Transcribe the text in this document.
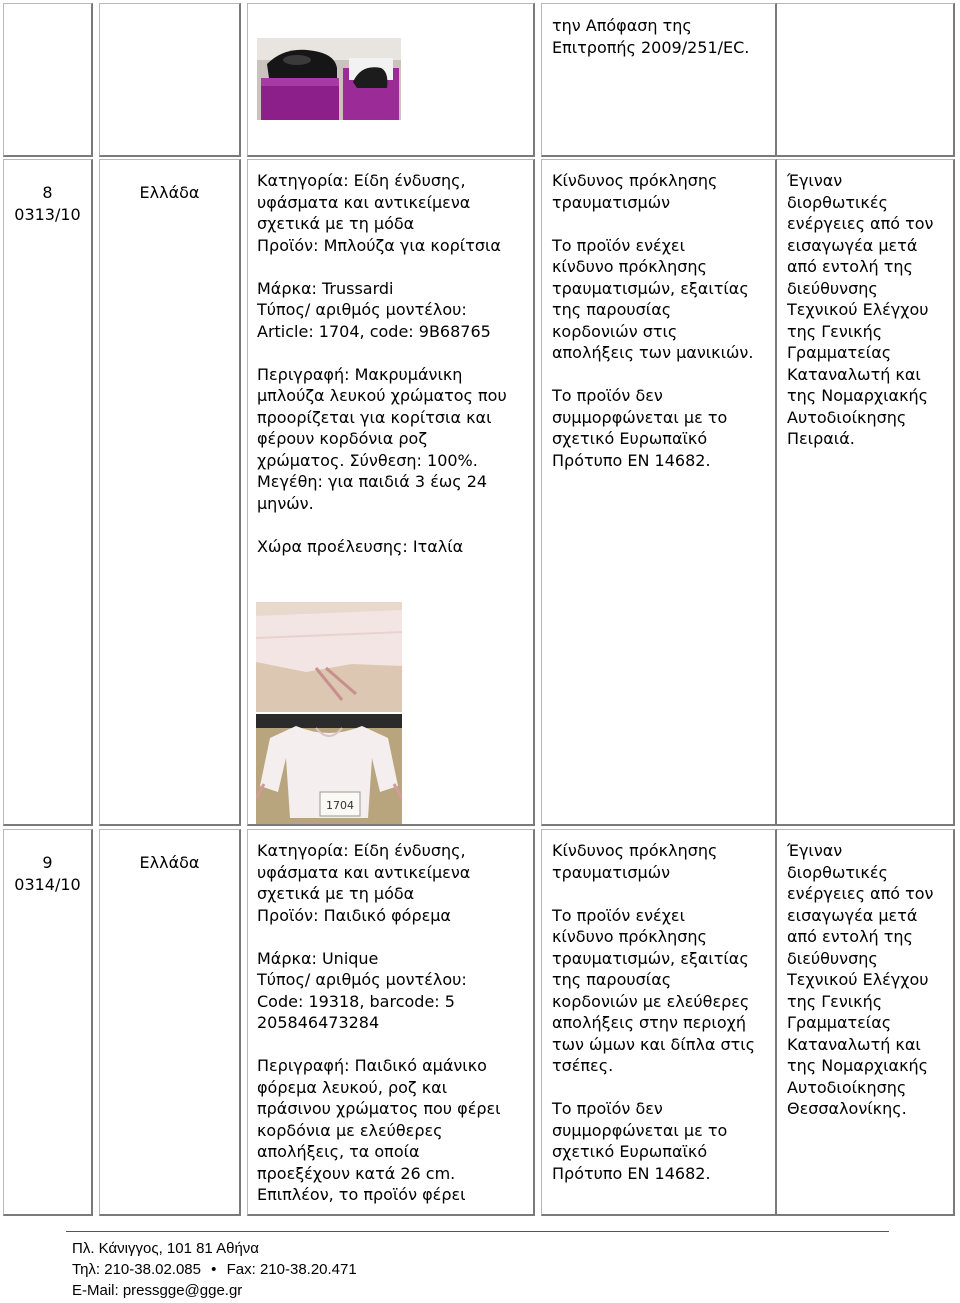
την Απόφαση της

Επιτροπής 2009/251/ΕC.

8
0313/10
Ελλάδα

Κατηγορία: Είδη ένδυσης,

υφάσματα και αντικείμενα

σχετικά με τη μόδα

Προϊόν: Μπλούζα για κορίτσια

Μάρκα: Trussardi

Τύπος/ αριθμός μοντέλου:

Article: 1704, code: 9B68765

Περιγραφή: Μακρυμάνικη

μπλούζα λευκού χρώματος που

προορίζεται για κορίτσια και

φέρουν κορδόνια ροζ

χρώματος. Σύνθεση: 100%.

Μεγέθη: για παιδιά 3 έως 24

μηνών.

Χώρα προέλευσης: Ιταλία

1704

Κίνδυνος πρόκλησης

τραυματισμών

Το προϊόν ενέχει

κίνδυνο πρόκλησης

τραυματισμών, εξαιτίας

της παρουσίας

κορδονιών στις

απολήξεις των μανικιών.

Το προϊόν δεν

συμμορφώνεται με το

σχετικό Ευρωπαϊκό

Πρότυπο EN 14682.

Έγιναν

διορθωτικές

ενέργειες από τον

εισαγωγέα μετά

από εντολή της

διεύθυνσης

Τεχνικού Ελέγχου

της Γενικής

Γραμματείας

Καταναλωτή και

της Νομαρχιακής

Αυτοδιοίκησης

Πειραιά.

9
0314/10
Ελλάδα

Κατηγορία: Είδη ένδυσης,

υφάσματα και αντικείμενα

σχετικά με τη μόδα

Προϊόν: Παιδικό φόρεμα

Μάρκα: Unique

Τύπος/ αριθμός μοντέλου:

Code: 19318, barcode: 5

205846473284

Περιγραφή: Παιδικό αμάνικο

φόρεμα λευκού, ροζ και

πράσινου χρώματος που φέρει

κορδόνια με ελεύθερες

απολήξεις, τα οποία

προεξέχουν κατά 26 cm.

Επιπλέον, το προϊόν φέρει

Κίνδυνος πρόκλησης

τραυματισμών

Το προϊόν ενέχει

κίνδυνο πρόκλησης

τραυματισμών, εξαιτίας

της παρουσίας

κορδονιών με ελεύθερες

απολήξεις στην περιοχή

των ώμων και δίπλα στις

τσέπες.

Το προϊόν δεν

συμμορφώνεται με το

σχετικό Ευρωπαϊκό

Πρότυπο EN 14682.

Έγιναν

διορθωτικές

ενέργειες από τον

εισαγωγέα μετά

από εντολή της

διεύθυνσης

Τεχνικού Ελέγχου

της Γενικής

Γραμματείας

Καταναλωτή και

της Νομαρχιακής

Αυτοδιοίκησης

Θεσσαλονίκης.

Πλ. Κάνιγγος, 101 81 Αθήνα
Τηλ: 210-38.02.085 • Fax: 210-38.20.471
E-Mail: pressgge@gge.gr
